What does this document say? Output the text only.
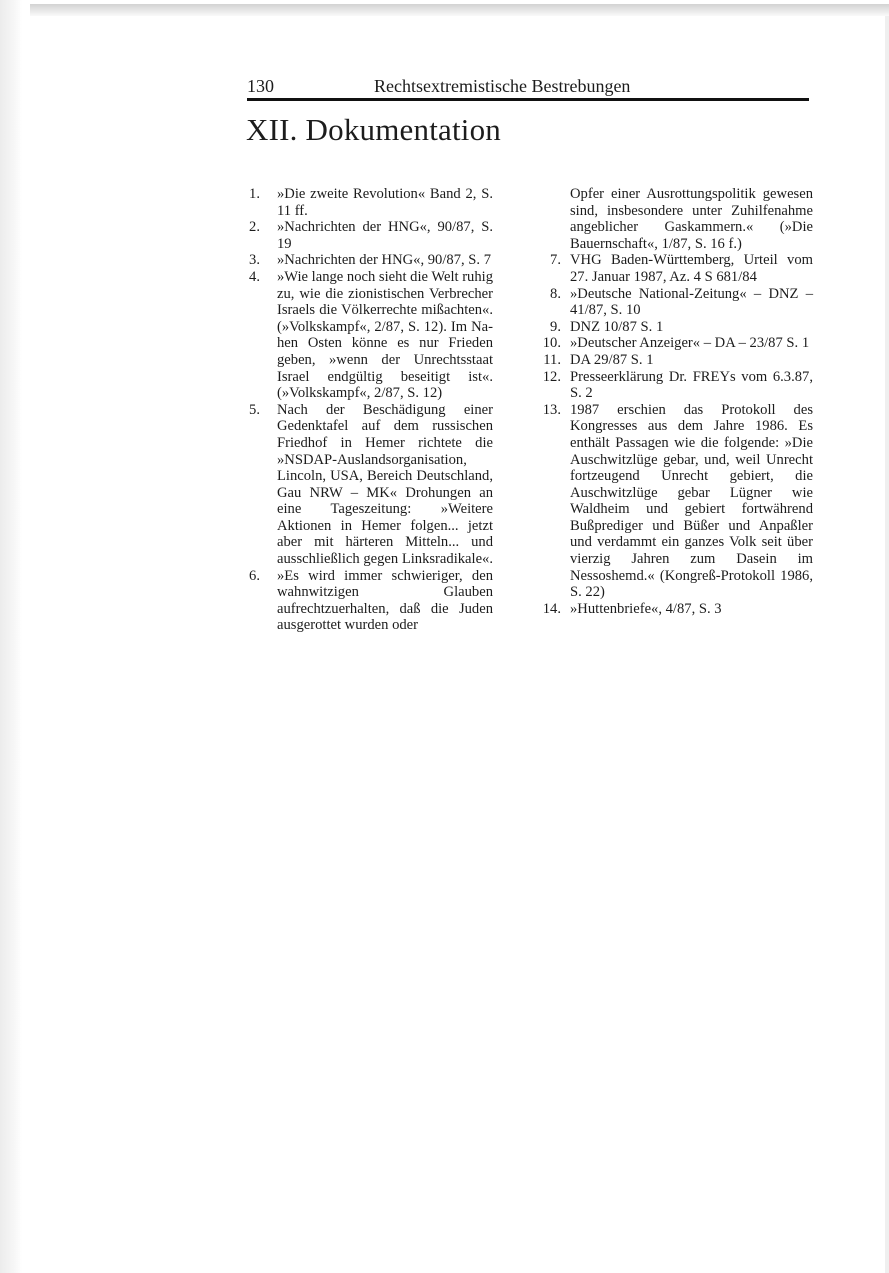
130	Rechtsextremistische Bestrebungen
XII. Dokumentation
1. »Die zweite Revolution« Band 2, S. 11 ff.
2. »Nachrichten der HNG«, 90/87, S. 19
3. »Nachrichten der HNG«, 90/87, S. 7
4. »Wie lange noch sieht die Welt ruhig zu, wie die zionistischen Verbrecher Israels die Völkerrechte mißachten«. (»Volkskampf«, 2/87, S. 12). Im Nahen Osten könne es nur Frieden geben, »wenn der Unrechtsstaat Israel endgültig beseitigt ist«. (»Volkskampf«, 2/87, S. 12)
5. Nach der Beschädigung einer Gedenktafel auf dem russischen Friedhof in Hemer richtete die »NSDAP-Auslandsorganisation, Lincoln, USA, Bereich Deutschland, Gau NRW – MK« Drohungen an eine Tageszeitung: »Weitere Aktionen in Hemer folgen... jetzt aber mit härteren Mitteln... und ausschließlich gegen Linksradikale«.
6. »Es wird immer schwieriger, den wahnwitzigen Glauben aufrechtzuerhalten, daß die Juden ausgerottet wurden oder
Opfer einer Ausrottungspolitik gewesen sind, insbesondere unter Zuhilfenahme angeblicher Gaskammern.« (»Die Bauernschaft«, 1/87, S. 16 f.)
7. VHG Baden-Württemberg, Urteil vom 27. Januar 1987, Az. 4 S 681/84
8. »Deutsche National-Zeitung« – DNZ – 41/87, S. 10
9. DNZ 10/87 S. 1
10. »Deutscher Anzeiger« – DA – 23/87 S. 1
11. DA 29/87 S. 1
12. Presseerklärung Dr. FREYs vom 6.3.87, S. 2
13. 1987 erschien das Protokoll des Kongresses aus dem Jahre 1986. Es enthält Passagen wie die folgende: »Die Auschwitzlüge gebar, und, weil Unrecht fortzeugend Unrecht gebiert, die Auschwitzlüge gebar Lügner wie Waldheim und gebiert fortwährend Bußprediger und Büßer und Anpaßler und verdammt ein ganzes Volk seit über vierzig Jahren zum Dasein im Nessoshemd.« (Kongreß-Protokoll 1986, S. 22)
14. »Huttenbriefe«, 4/87, S. 3
